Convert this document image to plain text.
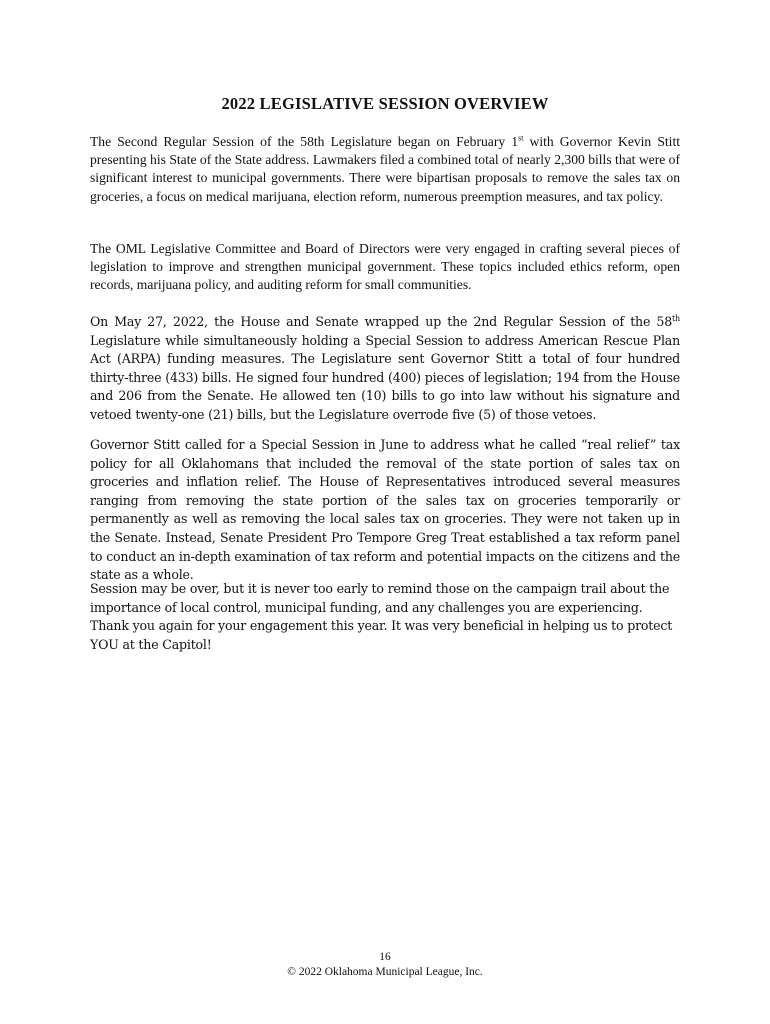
2022 LEGISLATIVE SESSION OVERVIEW

The Second Regular Session of the 58th Legislature began on February 1st with Governor Kevin Stitt presenting his State of the State address. Lawmakers filed a combined total of nearly 2,300 bills that were of significant interest to municipal governments. There were bipartisan proposals to remove the sales tax on groceries, a focus on medical marijuana, election reform, numerous preemption measures, and tax policy.

The OML Legislative Committee and Board of Directors were very engaged in crafting several pieces of legislation to improve and strengthen municipal government. These topics included ethics reform, open records, marijuana policy, and auditing reform for small communities.

On May 27, 2022, the House and Senate wrapped up the 2nd Regular Session of the 58th Legislature while simultaneously holding a Special Session to address American Rescue Plan Act (ARPA) funding measures. The Legislature sent Governor Stitt a total of four hundred thirty-three (433) bills. He signed four hundred (400) pieces of legislation; 194 from the House and 206 from the Senate. He allowed ten (10) bills to go into law without his signature and vetoed twenty-one (21) bills, but the Legislature overrode five (5) of those vetoes.

Governor Stitt called for a Special Session in June to address what he called “real relief” tax policy for all Oklahomans that included the removal of the state portion of sales tax on groceries and inflation relief. The House of Representatives introduced several measures ranging from removing the state portion of the sales tax on groceries temporarily or permanently as well as removing the local sales tax on groceries. They were not taken up in the Senate. Instead, Senate President Pro Tempore Greg Treat established a tax reform panel to conduct an in-depth examination of tax reform and potential impacts on the citizens and the state as a whole.

Session may be over, but it is never too early to remind those on the campaign trail about the importance of local control, municipal funding, and any challenges you are experiencing. Thank you again for your engagement this year. It was very beneficial in helping us to protect YOU at the Capitol!

16
© 2022 Oklahoma Municipal League, Inc.
